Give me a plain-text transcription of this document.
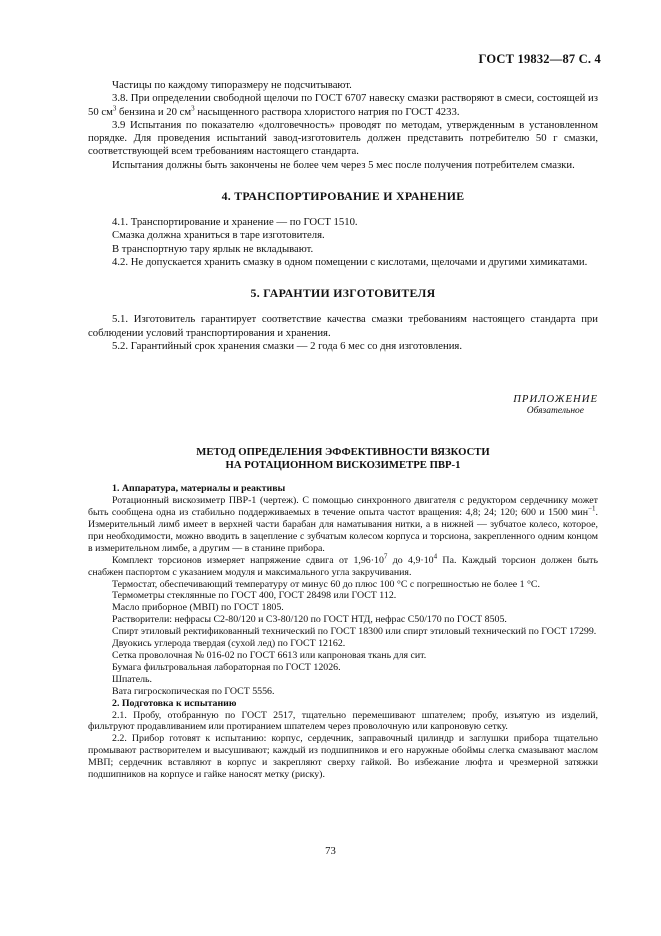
ГОСТ 19832—87 С. 4

Частицы по каждому типоразмеру не подсчитывают.

3.8. При определении свободной щелочи по ГОСТ 6707 навеску смазки растворяют в смеси, состоящей из 50 $см^3$ бензина и 20 $см^3$ насыщенного раствора хлористого натрия по ГОСТ 4233.

3.9 Испытания по показателю «долговечность» проводят по методам, утвержденным в установленном порядке. Для проведения испытаний завод-изготовитель должен представить потребителю 50 г смазки, соответствующей всем требованиям настоящего стандарта.

Испытания должны быть закончены не более чем через 5 мес после получения потребителем смазки.

4. ТРАНСПОРТИРОВАНИЕ И ХРАНЕНИЕ

4.1. Транспортирование и хранение — по ГОСТ 1510.

Смазка должна храниться в таре изготовителя.

В транспортную тару ярлык не вкладывают.

4.2. Не допускается хранить смазку в одном помещении с кислотами, щелочами и другими химикатами.

5. ГАРАНТИИ ИЗГОТОВИТЕЛЯ

5.1. Изготовитель гарантирует соответствие качества смазки требованиям настоящего стандарта при соблюдении условий транспортирования и хранения.

5.2. Гарантийный срок хранения смазки — 2 года 6 мес со дня изготовления.

ПРИЛОЖЕНИЕ
Обязательное
МЕТОД ОПРЕДЕЛЕНИЯ ЭФФЕКТИВНОСТИ ВЯЗКОСТИ
НА РОТАЦИОННОМ ВИСКОЗИМЕТРЕ ПВР-1

1. Аппаратура, материалы и реактивы

Ротационный вискозиметр ПВР-1 (чертеж). С помощью синхронного двигателя с редуктором сердечнику может быть сообщена одна из стабильно поддерживаемых в течение опыта частот вращения: 4,8; 24; 120; 600 и 1500 мин$^{-1}$. Измерительный лимб имеет в верхней части барабан для наматывания нитки, а в нижней — зубчатое колесо, которое, при необходимости, можно вводить в зацепление с зубчатым колесом корпуса и торсиона, закрепленного одним концом в измерительном лимбе, а другим — в станине прибора.

Комплект торсионов измеряет напряжение сдвига от $1,96\cdot 10^7$ до $4,9\cdot 10^4$ Па. Каждый торсион должен быть снабжен паспортом с указанием модуля и максимального угла закручивания.

Термостат, обеспечивающий температуру от минус 60 до плюс 100 °С с погрешностью не более 1 °С.

Термометры стеклянные по ГОСТ 400, ГОСТ 28498 или ГОСТ 112.

Масло приборное (МВП) по ГОСТ 1805.

Растворители: нефрасы С2-80/120 и С3-80/120 по ГОСТ НТД, нефрас С50/170 по ГОСТ 8505.

Спирт этиловый ректификованный технический по ГОСТ 18300 или спирт этиловый технический по ГОСТ 17299.

Двуокись углерода твердая (сухой лед) по ГОСТ 12162.

Сетка проволочная № 016-02 по ГОСТ 6613 или капроновая ткань для сит.

Бумага фильтровальная лабораторная по ГОСТ 12026.

Шпатель.

Вата гигроскопическая по ГОСТ 5556.

2. Подготовка к испытанию

2.1. Пробу, отобранную по ГОСТ 2517, тщательно перемешивают шпателем; пробу, изъятую из изделий, фильтруют продавливанием или протиранием шпателем через проволочную или капроновую сетку.

2.2. Прибор готовят к испытанию: корпус, сердечник, заправочный цилиндр и заглушки прибора тщательно промывают растворителем и высушивают; каждый из подшипников и его наружные обоймы слегка смазывают маслом МВП; сердечник вставляют в корпус и закрепляют сверху гайкой. Во избежание люфта и чрезмерной затяжки подшипников на корпусе и гайке наносят метку (риску).

73
